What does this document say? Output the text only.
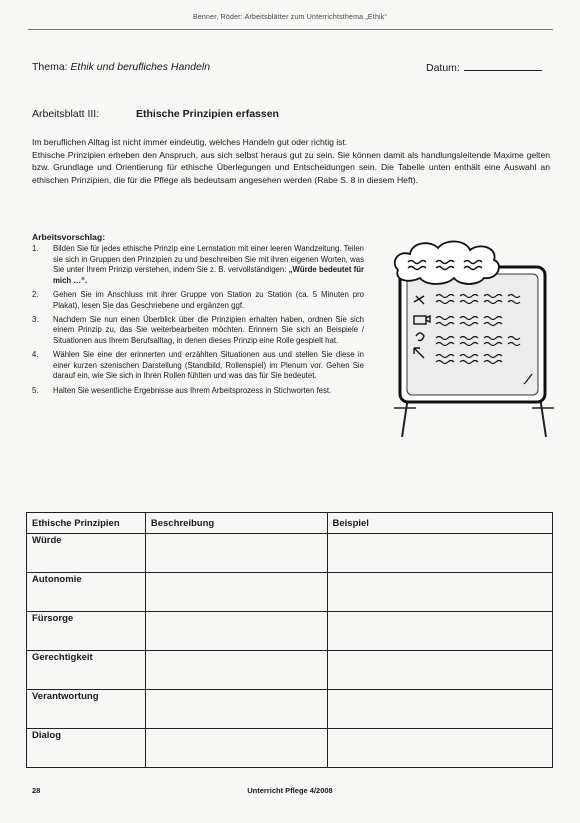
Benner, Röder: Arbeitsblätter zum Unterrichtsthema „Ethik“
Thema: Ethik und berufliches Handeln	Datum:
Arbeitsblatt III:	Ethische Prinzipien erfassen

Im beruflichen Alltag ist nicht immer eindeutig, welches Handeln gut oder richtig ist.

Ethische Prinzipien erheben den Anspruch, aus sich selbst heraus gut zu sein. Sie können damit als handlungsleitende Maxime gelten bzw. Grundlage und Orientierung für ethische Überlegungen und Entscheidungen sein. Die Tabelle unten enthält eine Auswahl an ethischen Prinzipien, die für die Pflege als bedeutsam angesehen werden (Rabe S. 8 in diesem Heft).

Arbeitsvorschlag:
1. Bilden Sie für jedes ethische Prinzip eine Lernstation mit einer leeren Wandzeitung. Teilen sie sich in Gruppen den Prinzipien zu und beschreiben Sie mit ihren eigenen Worten, was Sie unter Ihrem Prinzip verstehen, indem Sie z. B. vervollständigen: „Würde bedeutet für mich …“.
2. Gehen Sie im Anschluss mit ihrer Gruppe von Station zu Station (ca. 5 Minuten pro Plakat), lesen Sie das Geschriebene und ergänzen ggf.
3. Nachdem Sie nun einen Überblick über die Prinzipien erhalten haben, ordnen Sie sich einem Prinzip zu, das Sie weiterbearbeiten möchten. Erinnern Sie sich an Beispiele / Situationen aus Ihrem Berufsalltag, in denen dieses Prinzip eine Rolle gespielt hat.
4. Wählen Sie eine der erinnerten und erzählten Situationen aus und stellen Sie diese in einer kurzen szenischen Darstellung (Standbild, Rollenspiel) im Plenum vor. Gehen Sie darauf ein, wie Sie sich in Ihren Rollen fühlten und was das für Sie bedeutet.
5. Halten Sie wesentliche Ergebnisse aus Ihrem Arbeitsprozess in Stichworten fest.
Ethische Prinzipien	Beschreibung	Beispiel
Würde		
Autonomie		
Fürsorge		
Gerechtigkeit		
Verantwortung		
Dialog		
28	Unterricht Pflege 4/2008
